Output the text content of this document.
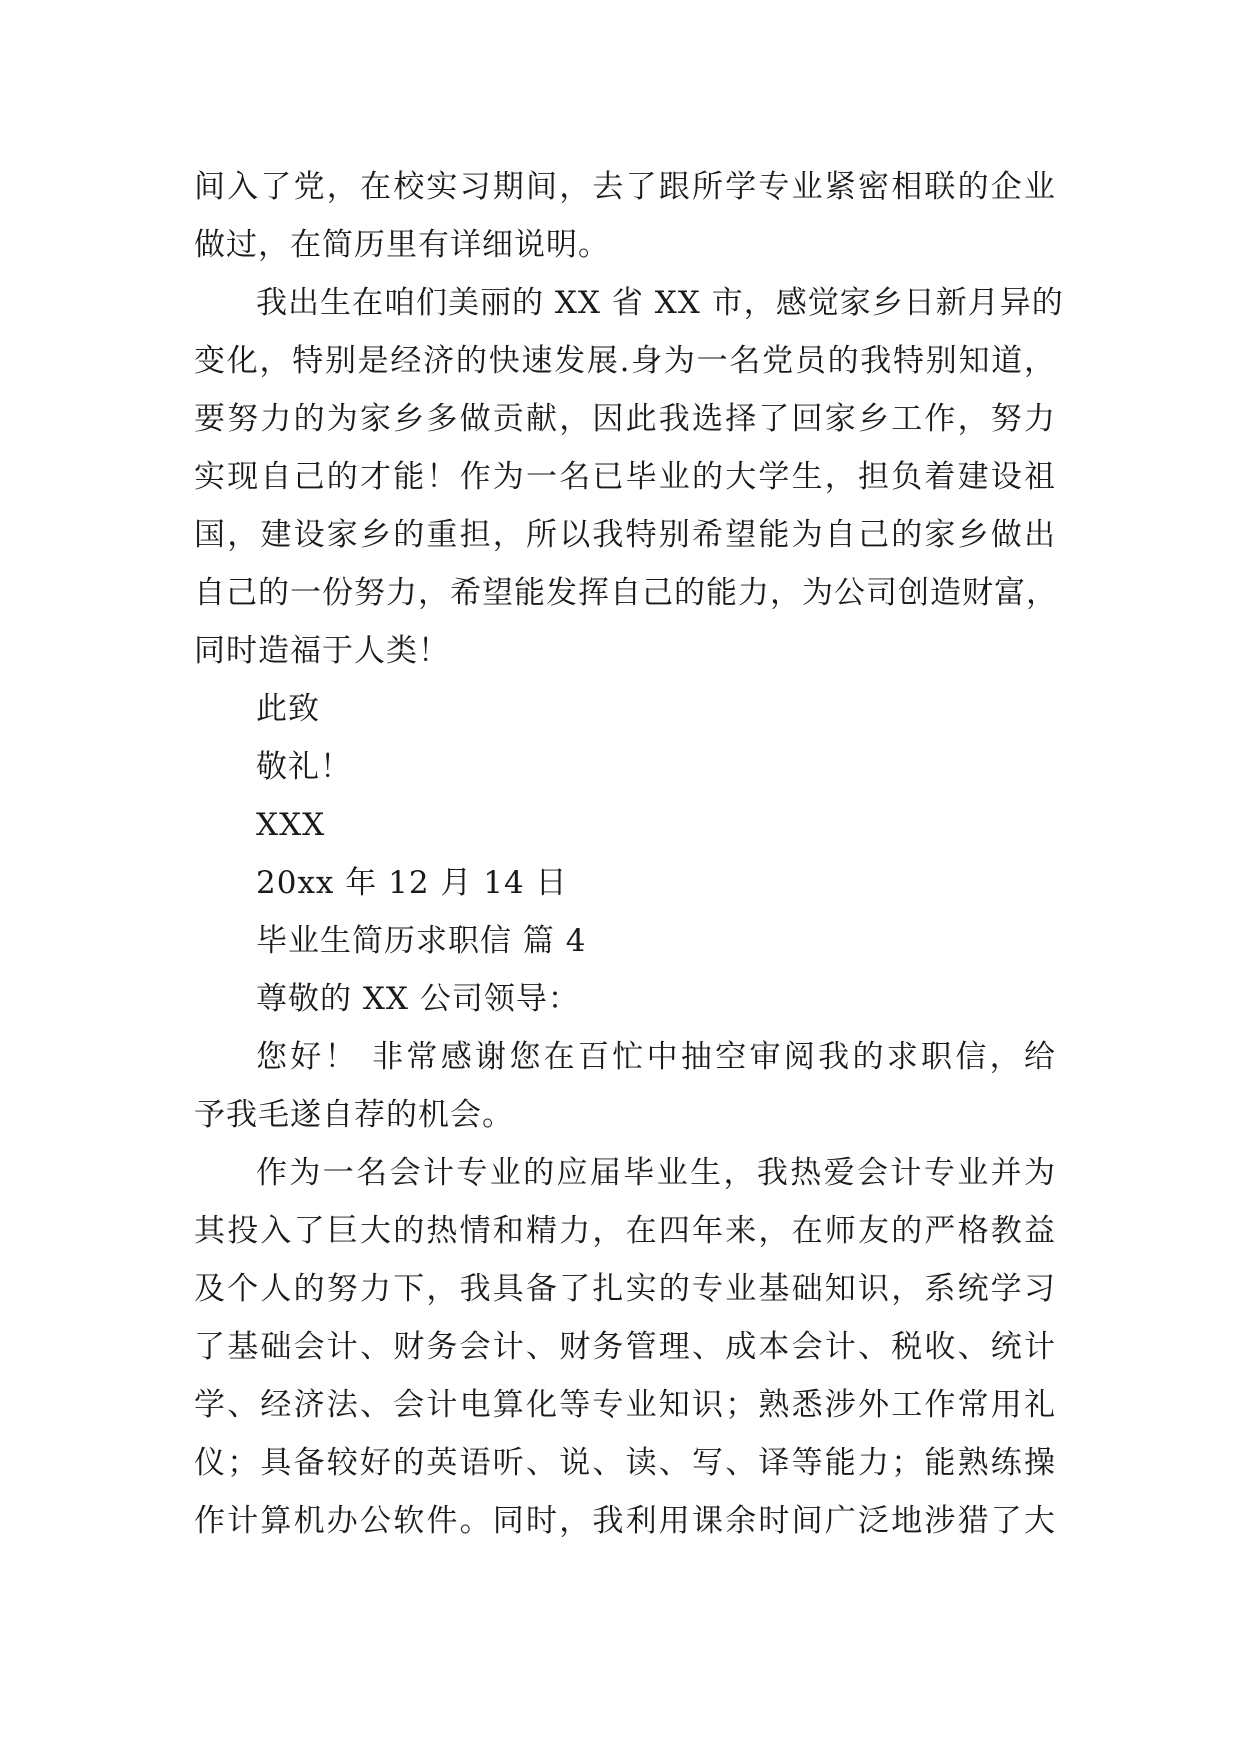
间入了党，在校实习期间，去了跟所学专业紧密相联的企业
做过，在简历里有详细说明。
我出生在咱们美丽的 XX 省 XX 市，感觉家乡日新月异的
变化，特别是经济的快速发展.身为一名党员的我特别知道，
要努力的为家乡多做贡献，因此我选择了回家乡工作，努力
实现自己的才能！作为一名已毕业的大学生，担负着建设祖
国，建设家乡的重担，所以我特别希望能为自己的家乡做出
自己的一份努力，希望能发挥自己的能力，为公司创造财富，
同时造福于人类！
此致
敬礼！
XXX
20xx 年 12 月 14 日
毕业生简历求职信 篇 4
尊敬的 XX 公司领导：
您好！ 非常感谢您在百忙中抽空审阅我的求职信，给
予我毛遂自荐的机会。
作为一名会计专业的应届毕业生，我热爱会计专业并为
其投入了巨大的热情和精力，在四年来，在师友的严格教益
及个人的努力下，我具备了扎实的专业基础知识，系统学习
了基础会计、财务会计、财务管理、成本会计、税收、统计
学、经济法、会计电算化等专业知识；熟悉涉外工作常用礼
仪；具备较好的英语听、说、读、写、译等能力；能熟练操
作计算机办公软件。同时，我利用课余时间广泛地涉猎了大
